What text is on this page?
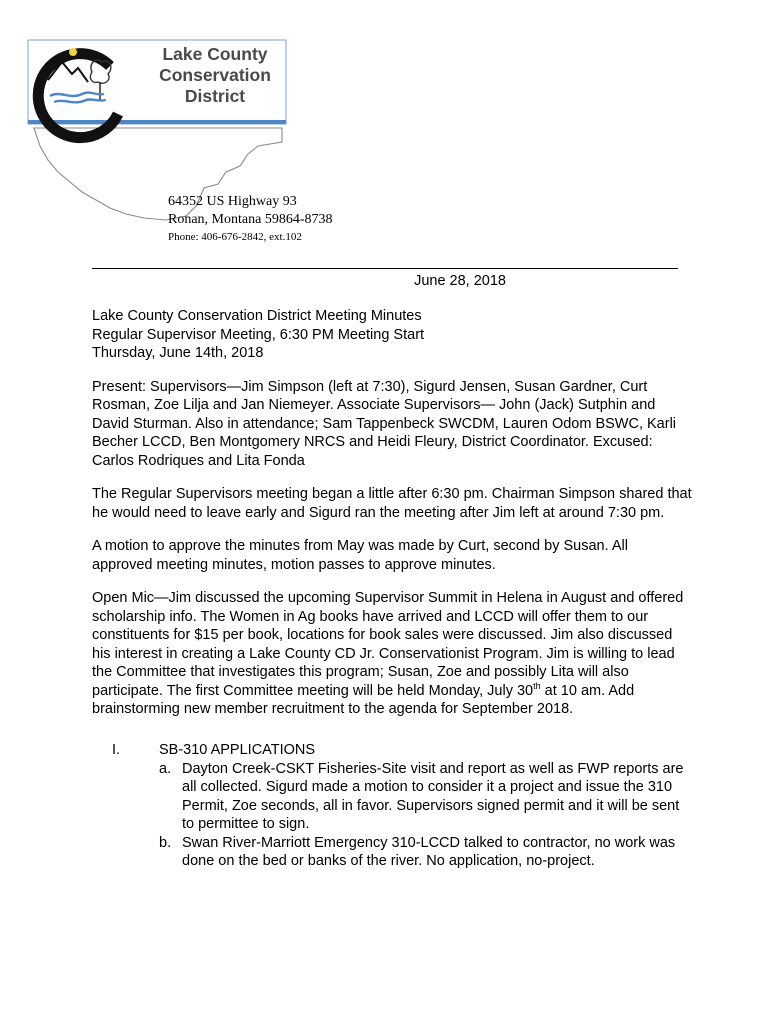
Lake County
Conservation
District
64352 US Highway 93
Ronan, Montana 59864-8738
Phone: 406-676-2842, ext.102
June 28, 2018

Lake County Conservation District Meeting Minutes

Regular Supervisor Meeting, 6:30 PM Meeting Start

Thursday, June 14th, 2018

Present: Supervisors—Jim Simpson (left at 7:30), Sigurd Jensen, Susan Gardner, Curt Rosman, Zoe Lilja and Jan Niemeyer. Associate Supervisors— John (Jack) Sutphin and David Sturman. Also in attendance; Sam Tappenbeck SWCDM, Lauren Odom BSWC, Karli Becher LCCD, Ben Montgomery NRCS and Heidi Fleury, District Coordinator. Excused: Carlos Rodriques and Lita Fonda

The Regular Supervisors meeting began a little after 6:30 pm. Chairman Simpson shared that he would need to leave early and Sigurd ran the meeting after Jim left at around 7:30 pm.

A motion to approve the minutes from May was made by Curt, second by Susan. All approved meeting minutes, motion passes to approve minutes.

Open Mic—Jim discussed the upcoming Supervisor Summit in Helena in August and offered scholarship info. The Women in Ag books have arrived and LCCD will offer them to our constituents for $15 per book, locations for book sales were discussed. Jim also discussed his interest in creating a Lake County CD Jr. Conservationist Program. Jim is willing to lead the Committee that investigates this program; Susan, Zoe and possibly Lita will also participate. The first Committee meeting will be held Monday, July 30th at 10 am. Add brainstorming new member recruitment to the agenda for September 2018.

I.	SB-310 APPLICATIONS
a. Dayton Creek-CSKT Fisheries-Site visit and report as well as FWP reports are all collected. Sigurd made a motion to consider it a project and issue the 310 Permit, Zoe seconds, all in favor. Supervisors signed permit and it will be sent to permittee to sign.
b. Swan River-Marriott Emergency 310-LCCD talked to contractor, no work was done on the bed or banks of the river. No application, no-project.
